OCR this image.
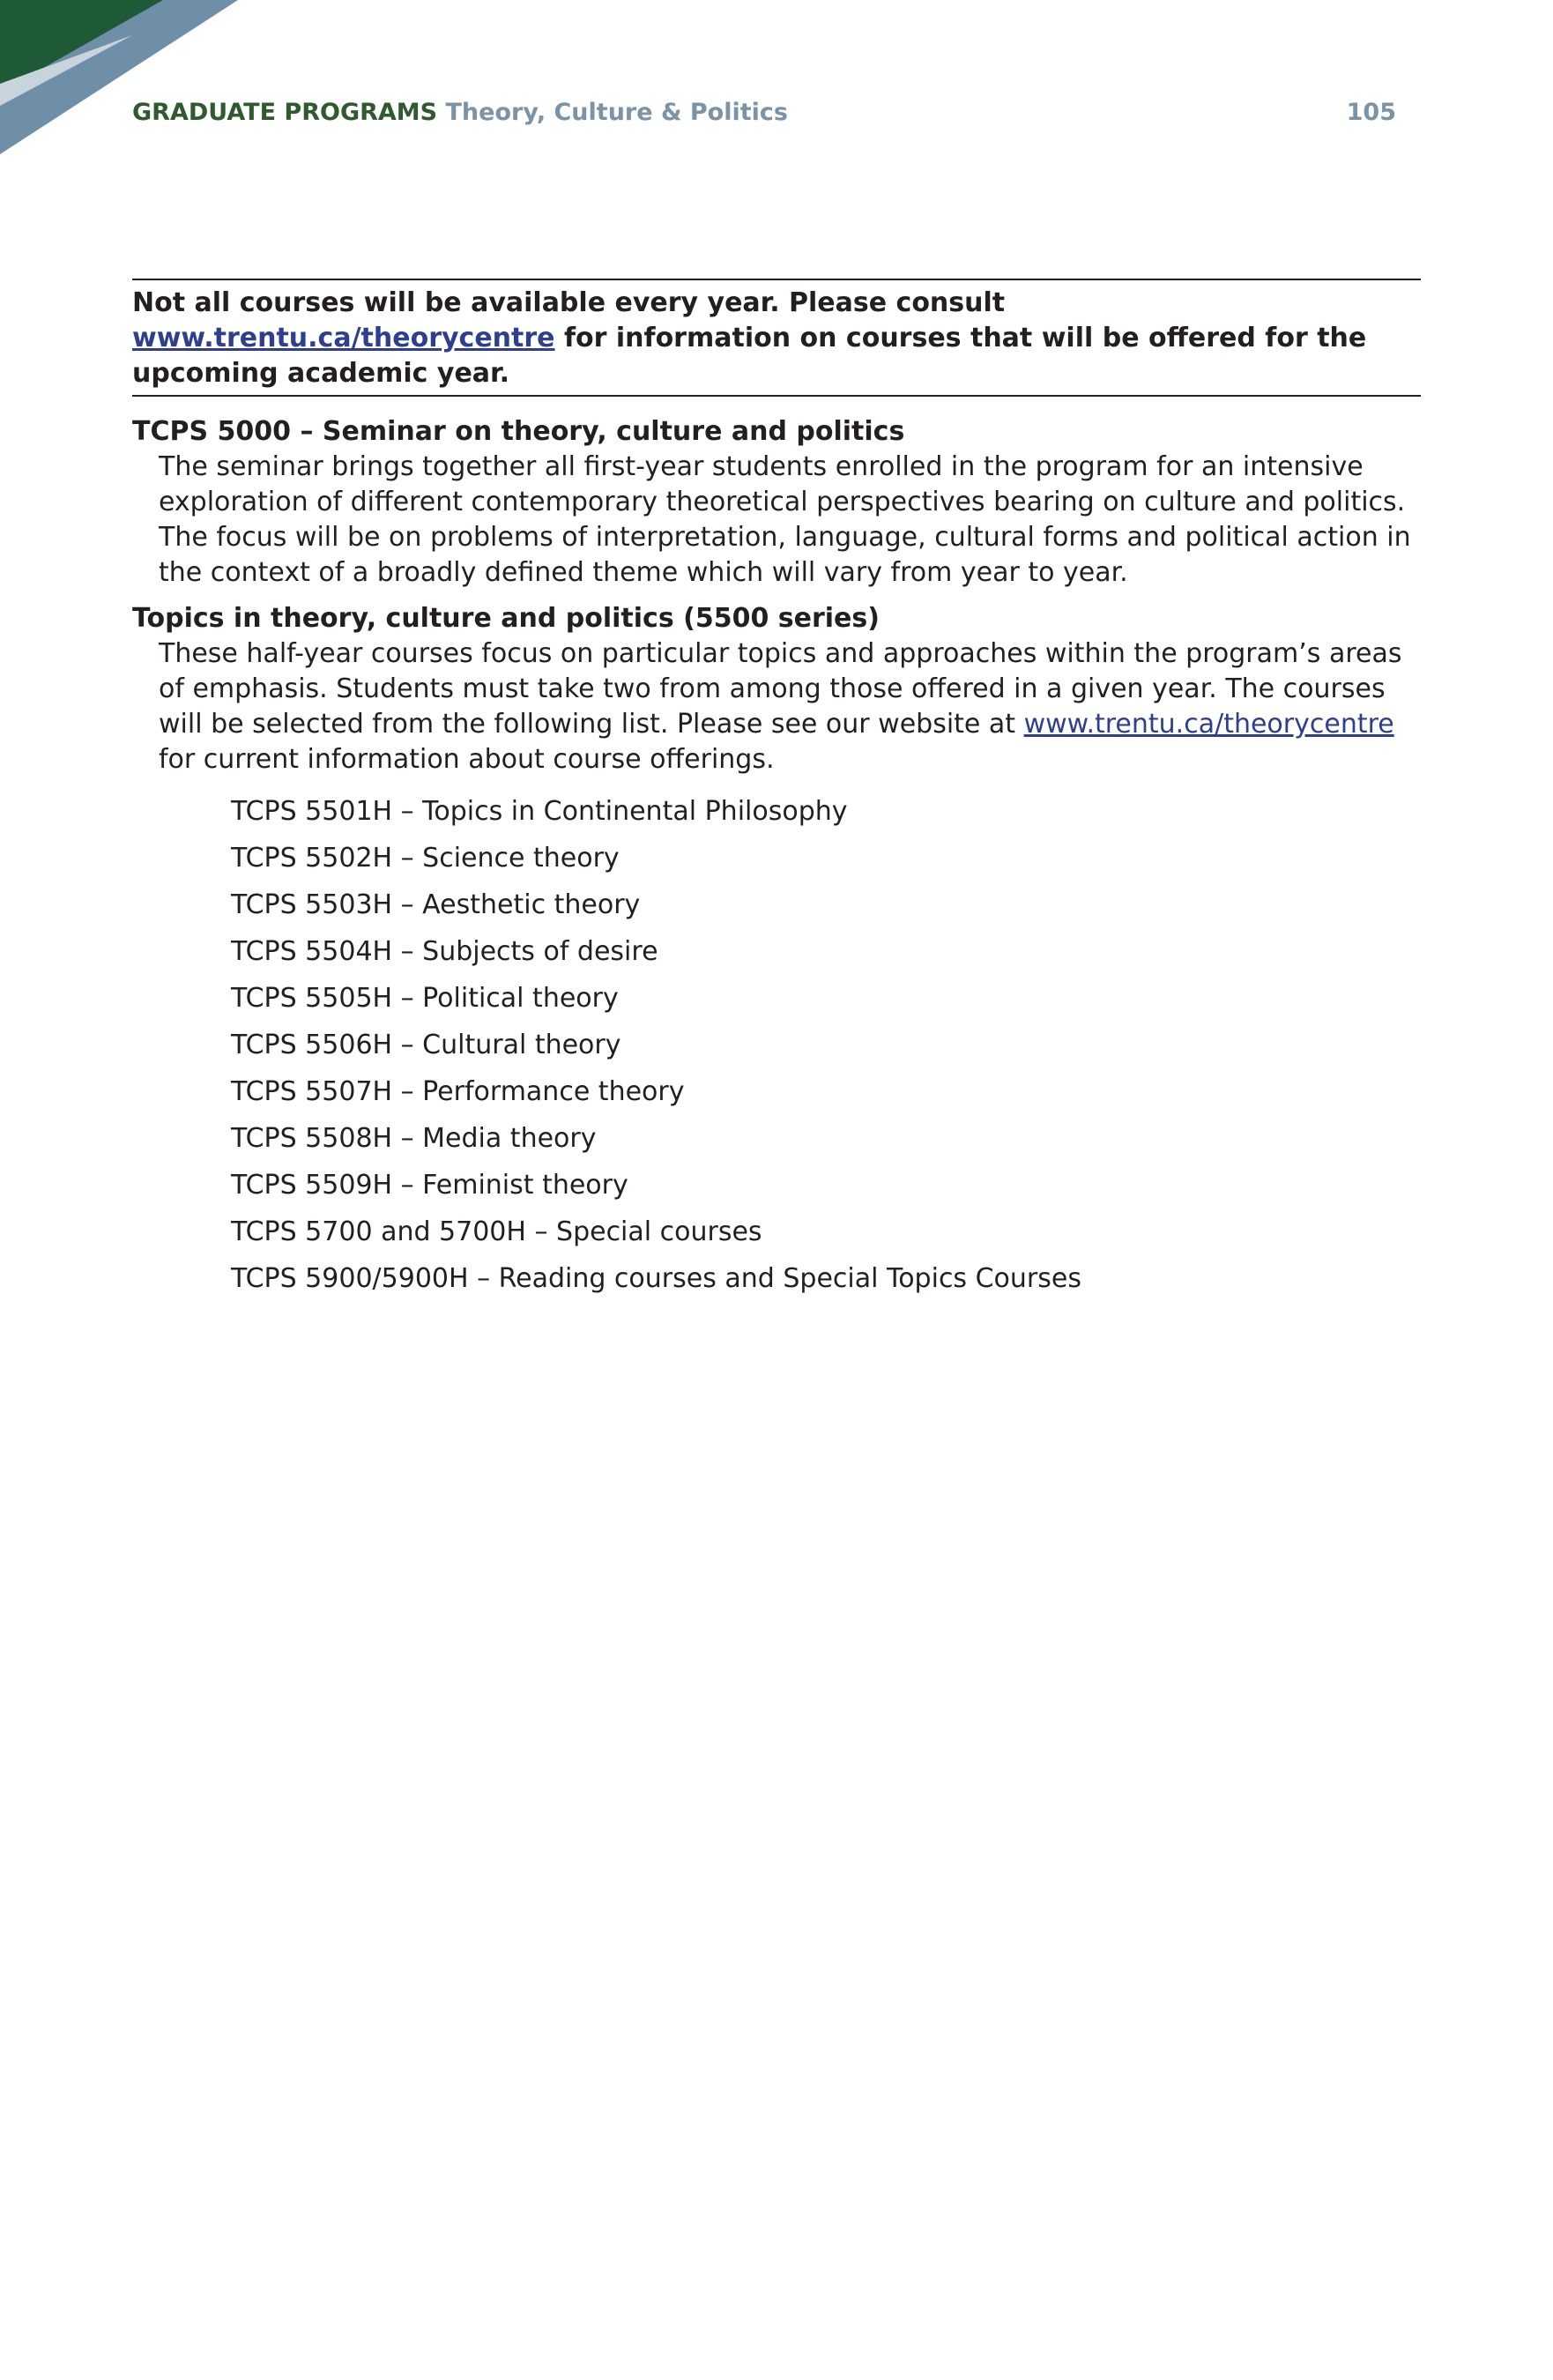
GRADUATE PROGRAMS Theory, Culture & Politics	105
Not all courses will be available every year. Please consult www.trentu.ca/theorycentre for information on courses that will be offered for the upcoming academic year.

TCPS 5000 – Seminar on theory, culture and politics

The seminar brings together all first-year students enrolled in the program for an intensive exploration of different contemporary theoretical perspectives bearing on culture and politics. The focus will be on problems of interpretation, language, cultural forms and political action in the context of a broadly defined theme which will vary from year to year.

Topics in theory, culture and politics (5500 series)

These half-year courses focus on particular topics and approaches within the program’s areas of emphasis. Students must take two from among those offered in a given year. The courses will be selected from the following list. Please see our website at www.trentu.ca/theorycentre for current information about course offerings.

TCPS 5501H – Topics in Continental Philosophy
TCPS 5502H – Science theory
TCPS 5503H – Aesthetic theory
TCPS 5504H – Subjects of desire
TCPS 5505H – Political theory
TCPS 5506H – Cultural theory
TCPS 5507H – Performance theory
TCPS 5508H – Media theory
TCPS 5509H – Feminist theory
TCPS 5700 and 5700H – Special courses
TCPS 5900/5900H – Reading courses and Special Topics Courses
